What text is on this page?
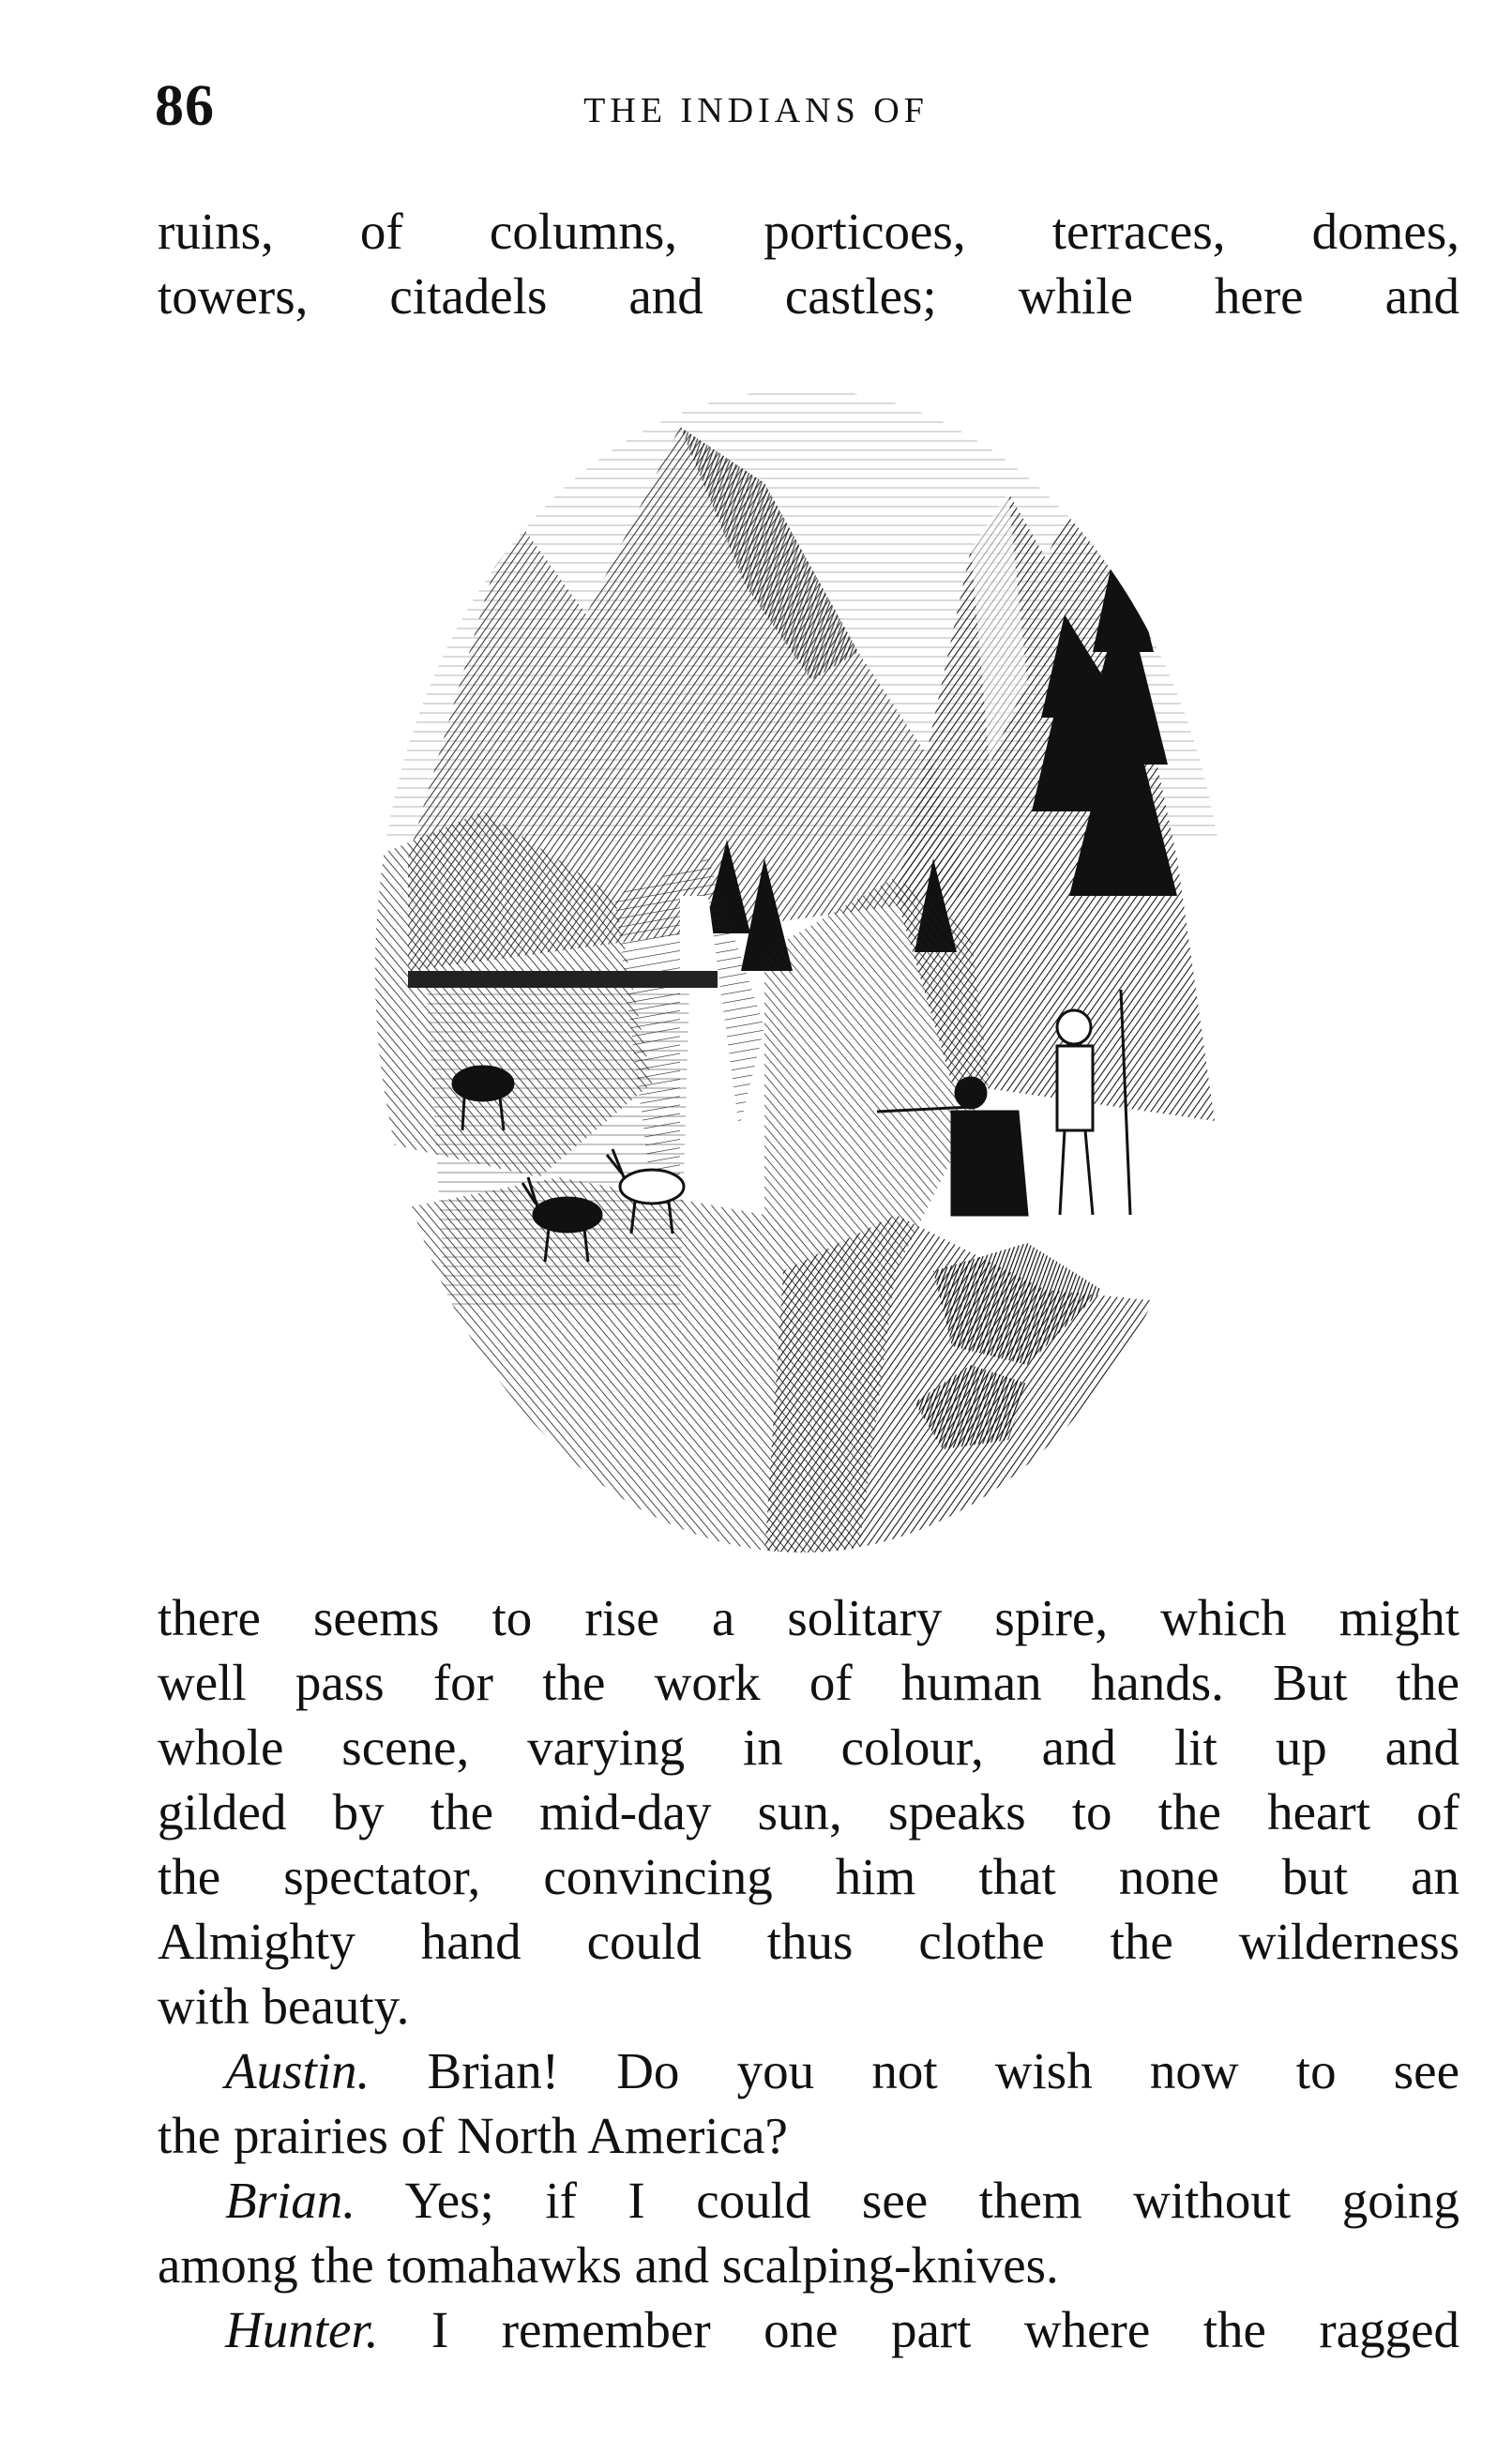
86	THE INDIANS OF
ruins, of columns, porticoes, terraces, domes,
towers, citadels and castles; while here and
there seems to rise a solitary spire, which might
well pass for the work of human hands. But the
whole scene, varying in colour, and lit up and
gilded by the mid-day sun, speaks to the heart of
the spectator, convincing him that none but an
Almighty hand could thus clothe the wilderness
with beauty.
Austin. Brian! Do you not wish now to see
the prairies of North America?
Brian. Yes; if I could see them without going
among the tomahawks and scalping-knives.
Hunter. I remember one part where the ragged
